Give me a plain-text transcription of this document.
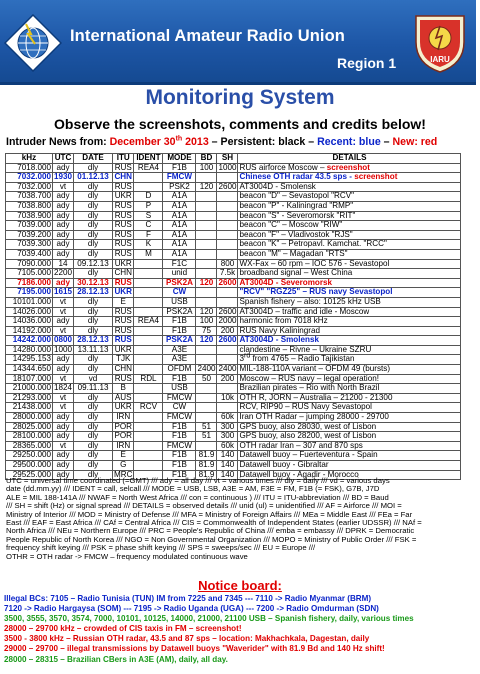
International Amateur Radio Union
Region 1	IARU
Monitoring System
Observe the screenshots, comments and credits below!
Intruder News from: December 30th 2013 – Persistent: black – Recent: blue – New: red
kHz	UTC	DATE	ITU	IDENT	MODE	BD	SH	DETAILS
7018.000	ady	dly	RUS	REA4	F1B	100	1000	RUS airforce Moscow – screenshot
7032.000	1930	01.12.13	CHN		FMCW			Chinese OTH radar 43.5 sps - screenshot
7032.000	vt	dly	RUS		PSK2	120	2600	AT3004D - Smolensk
7038.700	ady	dly	UKR	D	A1A			beacon "D" – Sevastopol "RCV"
7038.800	ady	dly	RUS	P	A1A			beacon "P" - Kaliningrad "RMP"
7038.900	ady	dly	RUS	S	A1A			beacon "S" - Severomorsk "RIT"
7039.000	ady	dly	RUS	C	A1A			beacon "C" – Moscow "RIW"
7039.200	ady	dly	RUS	F	A1A			beacon "F" – Vladivostok "RJS"
7039.300	ady	dly	RUS	K	A1A			beacon "K" – Petropavl. Kamchat. "RCC"
7039.400	ady	dly	RUS	M	A1A			beacon "M" – Magadan "RTS"
7090.000	14	09.12.13	UKR		F1C		800	WX-Fax – 60 rpm – IOC 576 - Sevastopol
7105.000	2200	dly	CHN		unid		7.5k	broadband signal – West China
7186.000	ady	30.12.13	RUS		PSK2A	120	2600	AT3004D - Severomorsk
7195.000	1615	28.12.13	UKR		CW			"RCV" "RGZ25" – RUS navy Sevastopol
10101.000	vt	dly	E		USB			Spanish fishery – also: 10125 kHz USB
14026.000	vt	dly	RUS		PSK2A	120	2600	AT3004D – traffic and idle - Moscow
14036.000	ady	dly	RUS	REA4	F1B	100	2000	harmonic from 7018 kHz
14192.000	vt	dly	RUS		F1B	75	200	RUS Navy Kaliningrad
14242.000	0800	28.12.13	RUS		PSK2A	120	2600	AT3004D - Smolensk
14280.000	1000	13.11.13	UKR		A3E			clandestine – Rivne – Ukraine SZRU
14295.153	ady	dly	TJK		A3E			3rd from 4765 – Radio Tajikistan
14344.650	ady	dly	CHN		OFDM	2400	2400	MIL-188-110A variant – OFDM 49 (bursts)
18107.000	vt	vd	RUS	RDL	F1B	50	200	Moscow – RUS navy – legal operation!
21000.000	1824	09.11.13	B		USB			Brazilian pirates – Rio with North Brazil
21293.000	vt	dly	AUS		FMCW		10k	OTH R, JORN – Australia – 21200 - 21300
21438.000	vt	dly	UKR	RCV	CW			RCV, RIP90 – RUS Navy Sevastopol
28000.000	ady	dly	IRN		FMCW		60k	Iran OTH Radar – jumping 28000 - 29700
28025.000	ady	dly	POR		F1B	51	300	GPS buoy, also 28030, west of Lisbon
28100.000	ady	dly	POR		F1B	51	300	GPS buoy, also 28200, west of Lisbon
28365.000	vt	dly	IRN		FMCW		60k	OTH radar Iran – 307 and 870 sps
29250.000	ady	dly	E		F1B	81.9	140	Datawell buoy – Fuerteventura - Spain
29500.000	ady	dly	G		F1B	81.9	140	Datawell buoy - Gibraltar
29525.000	ady	dly	MRC		F1B	81.9	140	Datawell buoy - Agadir - Morocco
UTC = universal time coordinated (=GMT) /// ady = all day /// vt = various times /// dly = daily /// vd = various days
date (dd.mm.yy) /// IDENT = call, selcall /// MODE = USB, LSB, A3E = AM, F3E = FM, F1B (= FSK), G7B, J7D
ALE = MIL 188-141A /// NWAF = North West Africa /// con = continuous ) /// ITU = ITU-abbreviation /// BD = Baud
/// SH = shift (Hz) or signal spread /// DETAILS = observed details /// unid (ul) = unidentified /// AF = Airforce /// MOI =
Ministry of Interior /// MOD = Ministry of Defense /// MFA = Ministry of Foreign Affairs /// MEa = Middle East /// FEa = Far
East /// EAF = East Africa /// CAf = Central Africa /// CIS = Commonwealth of Independent States (earlier UDSSR) /// NAf =
North Africa /// NEu = Northern Europe /// PRC = People's Republic of China /// emba = embassy /// DPRK = Democratic
People Republic of North Korea /// NGO = Non Governmental Organization /// MOPO = Ministry of Public Order /// FSK =
frequency shift keying /// PSK = phase shift keying /// SPS = sweeps/sec /// EU = Europe ///
OTHR = OTH radar -> FMCW – frequency modulated continuous wave
Notice board:
Illegal BCs: 7105 – Radio Tunisia (TUN) IM from 7225 and 7345 --- 7110 -> Radio Myanmar (BRM)
7120 -> Radio Hargaysa (SOM) --- 7195 -> Radio Uganda (UGA) --- 7200 -> Radio Omdurman (SDN)
3500, 3555, 3570, 3574, 7000, 10101, 10125, 14000, 21000, 21100 USB – Spanish fishery, daily, various times
28000 – 29700 kHz – crowded of CIS taxis in FM – screenshot!
3500 - 3800 kHz – Russian OTH radar, 43.5 and 87 sps – location: Makhachkala, Dagestan, daily
29000 – 29700 – illegal transmissions by Datawell buoys "Waverider" with 81.9 Bd and 140 Hz shift!
28000 – 28315 – Brazilian CBers in A3E (AM), daily, all day.
